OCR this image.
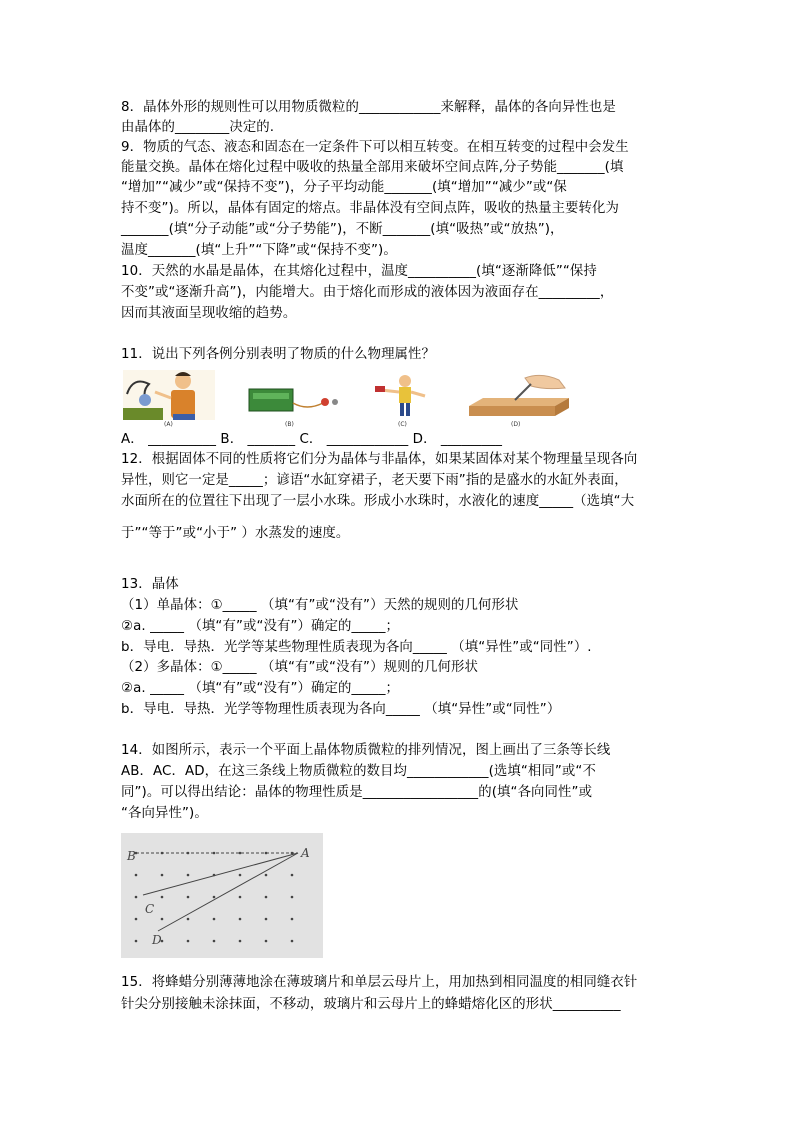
8．晶体外形的规则性可以用物质微粒的____________来解释，晶体的各向异性也是
由晶体的________决定的.
9．物质的气态、液态和固态在一定条件下可以相互转变。在相互转变的过程中会发生
能量交换。晶体在熔化过程中吸收的热量全部用来破坏空间点阵,分子势能_______(填
“增加”“减少”或“保持不变”)，分子平均动能_______(填“增加”“减少”或“保
持不变”)。所以，晶体有固定的熔点。非晶体没有空间点阵，吸收的热量主要转化为
_______(填“分子动能”或“分子势能”)，不断_______(填“吸热”或“放热”)，
温度_______(填“上升”“下降”或“保持不变”)。
10．天然的水晶是晶体，在其熔化过程中，温度__________(填“逐渐降低”“保持
不变”或“逐渐升高”)，内能增大。由于熔化而形成的液体因为液面存在_________，
因而其液面呈现收缩的趋势。
11．说出下列各例分别表明了物质的什么物理属性？
(A)	(B)	(C)	(D)
A． __________ B． _______ C． ____________ D． _________
12．根据固体不同的性质将它们分为晶体与非晶体，如果某固体对某个物理量呈现各向
异性，则它一定是_____；谚语“水缸穿裙子，老天要下雨”指的是盛水的水缸外表面，
水面所在的位置往下出现了一层小水珠。形成小水珠时，水液化的速度_____（选填“大
于”“等于”或“小于” ）水蒸发的速度。
13．晶体
（1）单晶体：①_____ （填“有”或“没有”）天然的规则的几何形状
②a. _____ （填“有”或“没有”）确定的_____；
b．导电．导热．光学等某些物理性质表现为各向_____ （填“异性”或“同性”）.
（2）多晶体：①_____ （填“有”或“没有”）规则的几何形状
②a. _____ （填“有”或“没有”）确定的_____；
b．导电．导热．光学等物理性质表现为各向_____ （填“异性”或“同性”）
14．如图所示，表示一个平面上晶体物质微粒的排列情况，图上画出了三条等长线
AB．AC．AD，在这三条线上物质微粒的数目均____________(选填“相同”或“不
同”)。可以得出结论：晶体的物理性质是_________________的(填“各向同性”或
“各向异性”)。
B	A
C
D
15．将蜂蜡分别薄薄地涂在薄玻璃片和单层云母片上，用加热到相同温度的相同缝衣针
针尖分别接触未涂抹面，不移动，玻璃片和云母片上的蜂蜡熔化区的形状__________
